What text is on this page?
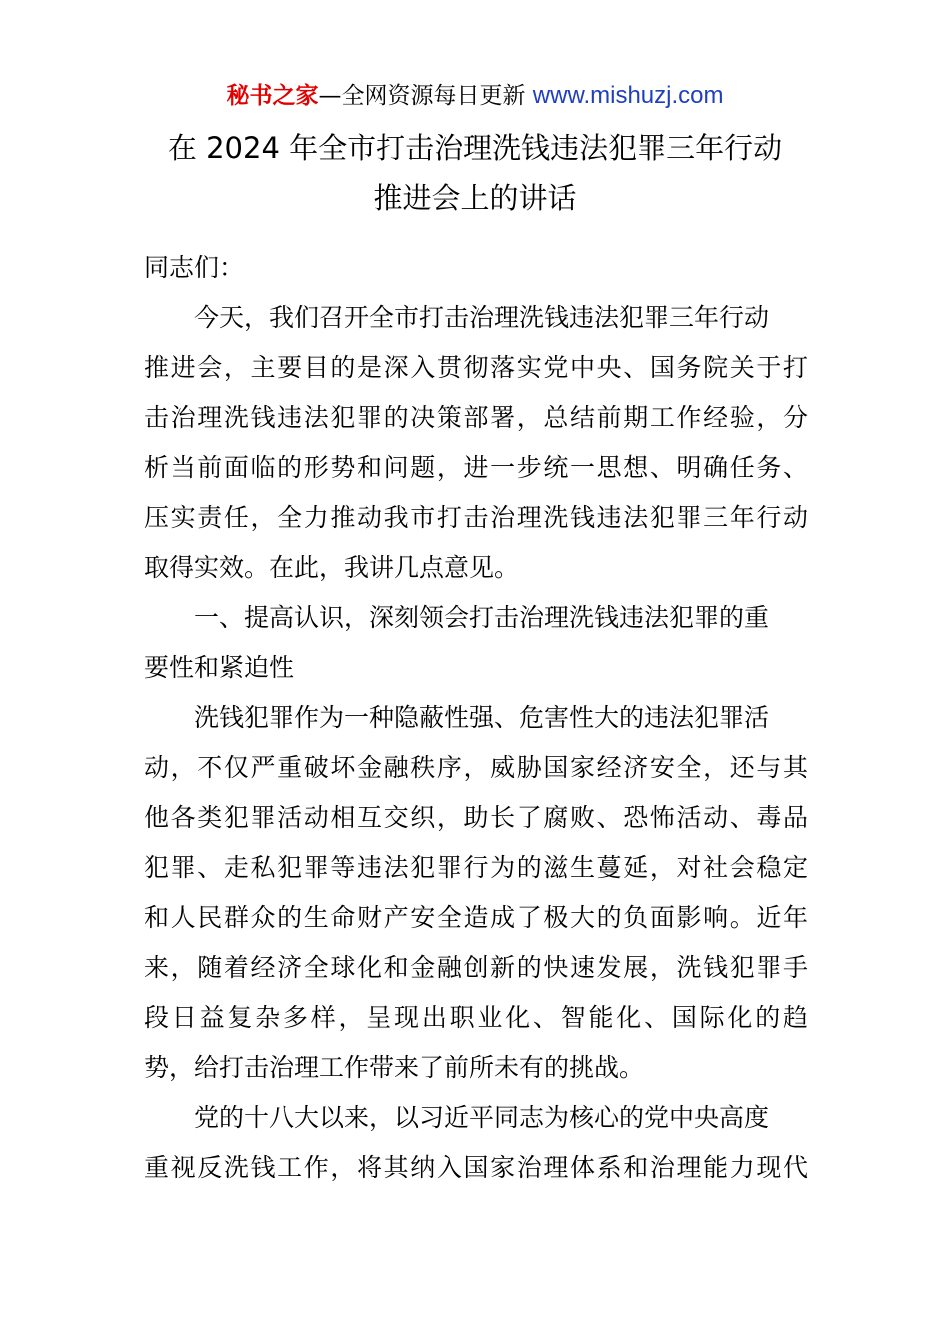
秘书之家—全网资源每日更新 www.mishuzj.com
在 2024 年全市打击治理洗钱违法犯罪三年行动
推进会上的讲话
同志们：
今天，我们召开全市打击治理洗钱违法犯罪三年行动
推进会，主要目的是深入贯彻落实党中央、国务院关于打
击治理洗钱违法犯罪的决策部署，总结前期工作经验，分
析当前面临的形势和问题，进一步统一思想、明确任务、
压实责任，全力推动我市打击治理洗钱违法犯罪三年行动
取得实效。在此，我讲几点意见。
一、提高认识，深刻领会打击治理洗钱违法犯罪的重
要性和紧迫性
洗钱犯罪作为一种隐蔽性强、危害性大的违法犯罪活
动，不仅严重破坏金融秩序，威胁国家经济安全，还与其
他各类犯罪活动相互交织，助长了腐败、恐怖活动、毒品
犯罪、走私犯罪等违法犯罪行为的滋生蔓延，对社会稳定
和人民群众的生命财产安全造成了极大的负面影响。近年
来，随着经济全球化和金融创新的快速发展，洗钱犯罪手
段日益复杂多样，呈现出职业化、智能化、国际化的趋
势，给打击治理工作带来了前所未有的挑战。
党的十八大以来，以习近平同志为核心的党中央高度
重视反洗钱工作，将其纳入国家治理体系和治理能力现代
